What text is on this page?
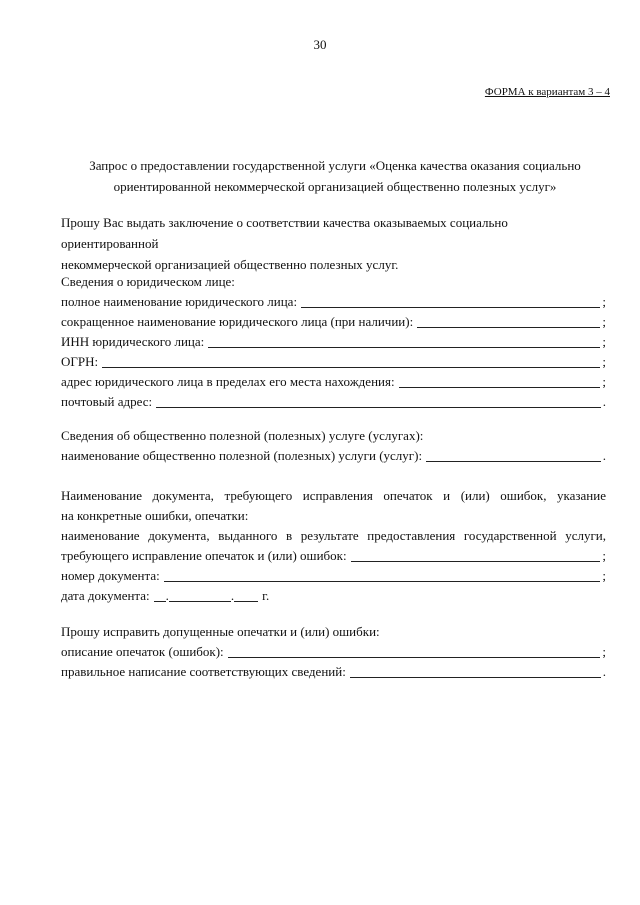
30
ФОРМА к вариантам 3 – 4
Запрос о предоставлении государственной услуги «Оценка качества оказания социально
ориентированной некоммерческой организацией общественно полезных услуг»
Прошу Вас выдать заключение о соответствии качества оказываемых социально ориентированной
некоммерческой организацией общественно полезных услуг.
Сведения о юридическом лице:
полное наименование юридического лица:	;
сокращенное наименование юридического лица (при наличии):	;
ИНН юридического лица:	;
ОГРН:	;
адрес юридического лица в пределах его места нахождения:	;
почтовый адрес:	.
Сведения об общественно полезной (полезных) услуге (услугах):
наименование общественно полезной (полезных) услуги (услуг):	.
Наименование документа, требующего исправления опечаток и (или) ошибок, указание
на конкретные ошибки, опечатки:
наименование документа, выданного в результате предоставления государственной услуги,
требующего исправление опечаток и (или) ошибок:	;
номер документа:	;
дата документа: .	. г.
Прошу исправить допущенные опечатки и (или) ошибки:
описание опечаток (ошибок):	;
правильное написание соответствующих сведений:	.
